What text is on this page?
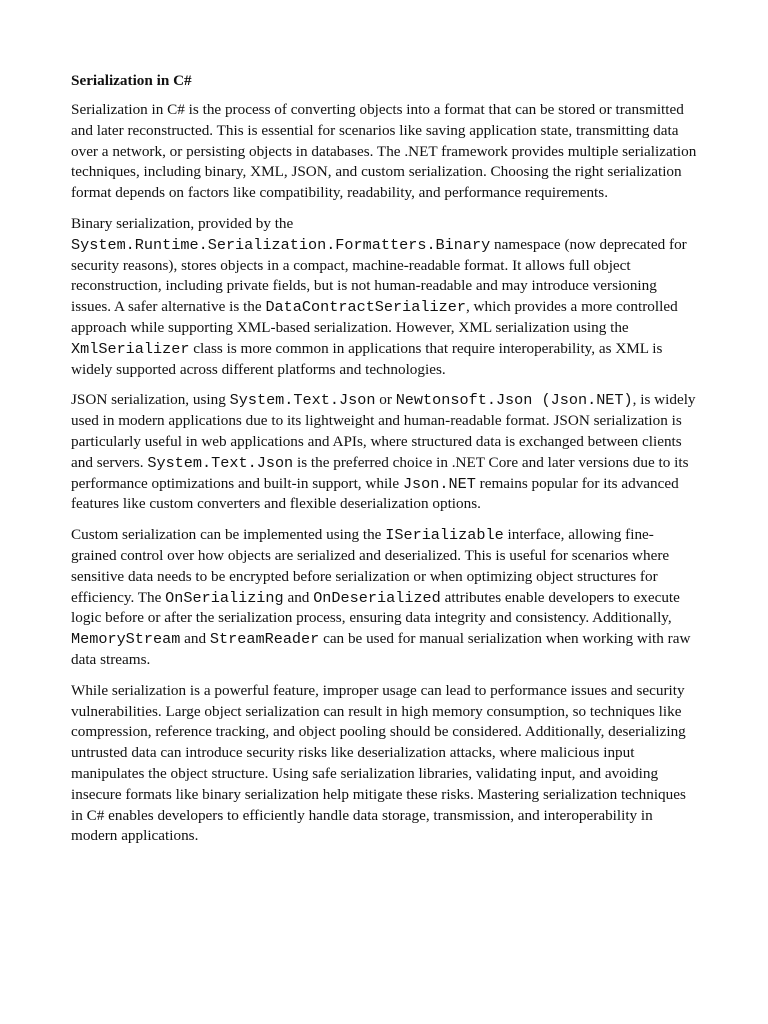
Serialization in C#

Serialization in C# is the process of converting objects into a format that can be stored or transmitted and later reconstructed. This is essential for scenarios like saving application state, transmitting data over a network, or persisting objects in databases. The .NET framework provides multiple serialization techniques, including binary, XML, JSON, and custom serialization. Choosing the right serialization format depends on factors like compatibility, readability, and performance requirements.

Binary serialization, provided by the System.Runtime.Serialization.Formatters.Binary namespace (now deprecated for security reasons), stores objects in a compact, machine-readable format. It allows full object reconstruction, including private fields, but is not human-readable and may introduce versioning issues. A safer alternative is the DataContractSerializer, which provides a more controlled approach while supporting XML-based serialization. However, XML serialization using the XmlSerializer class is more common in applications that require interoperability, as XML is widely supported across different platforms and technologies.

JSON serialization, using System.Text.Json or Newtonsoft.Json (Json.NET), is widely used in modern applications due to its lightweight and human-readable format. JSON serialization is particularly useful in web applications and APIs, where structured data is exchanged between clients and servers. System.Text.Json is the preferred choice in .NET Core and later versions due to its performance optimizations and built-in support, while Json.NET remains popular for its advanced features like custom converters and flexible deserialization options.

Custom serialization can be implemented using the ISerializable interface, allowing fine-grained control over how objects are serialized and deserialized. This is useful for scenarios where sensitive data needs to be encrypted before serialization or when optimizing object structures for efficiency. The OnSerializing and OnDeserialized attributes enable developers to execute logic before or after the serialization process, ensuring data integrity and consistency. Additionally, MemoryStream and StreamReader can be used for manual serialization when working with raw data streams.

While serialization is a powerful feature, improper usage can lead to performance issues and security vulnerabilities. Large object serialization can result in high memory consumption, so techniques like compression, reference tracking, and object pooling should be considered. Additionally, deserializing untrusted data can introduce security risks like deserialization attacks, where malicious input manipulates the object structure. Using safe serialization libraries, validating input, and avoiding insecure formats like binary serialization help mitigate these risks. Mastering serialization techniques in C# enables developers to efficiently handle data storage, transmission, and interoperability in modern applications.
